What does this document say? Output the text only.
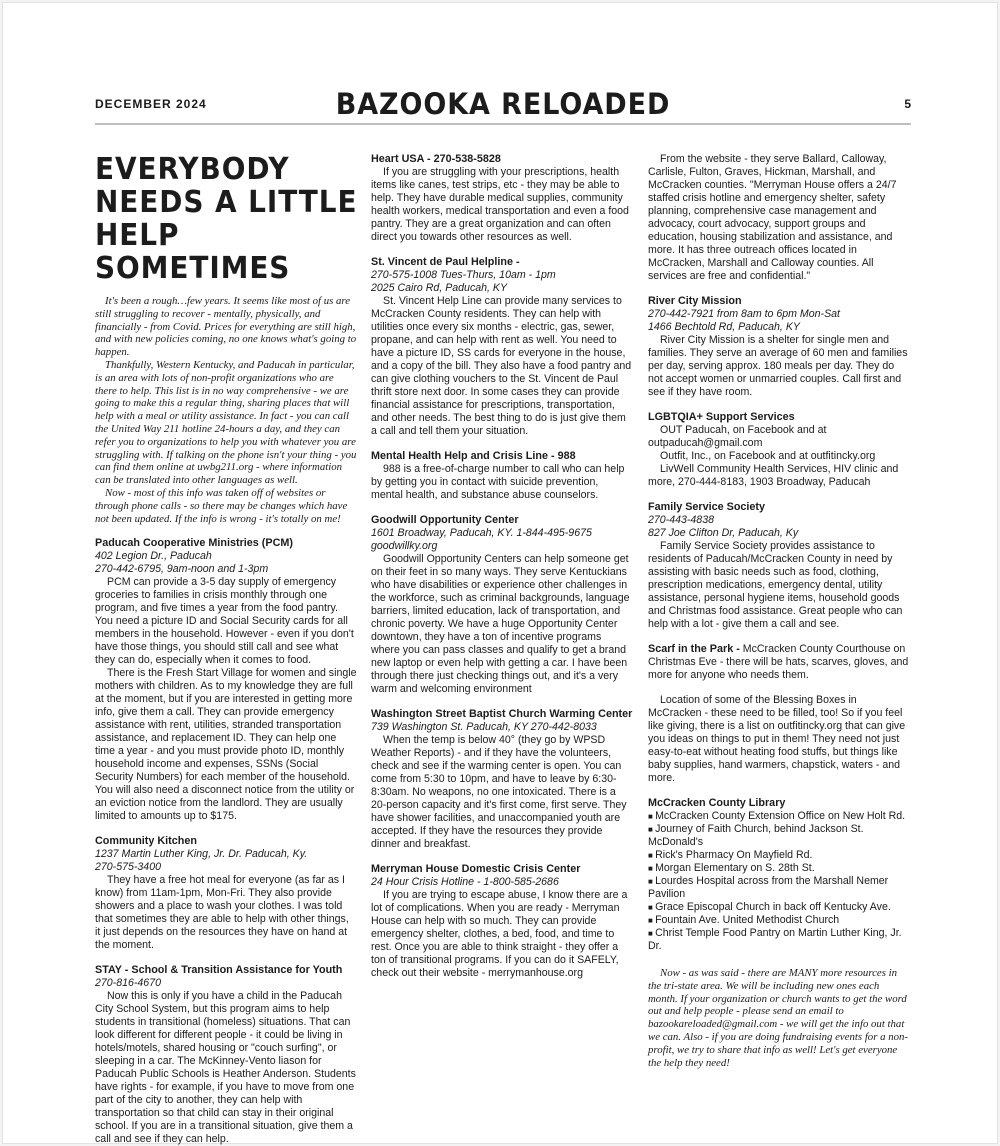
DECEMBER 2024	BAZOOKA RELOADED	5
EVERYBODY NEEDS A LITTLE HELP SOMETIMES

It's been a rough…few years. It seems like most of us are still struggling to recover - mentally, physically, and financially - from Covid. Prices for everything are still high, and with new policies coming, no one knows what's going to happen.

Thankfully, Western Kentucky, and Paducah in particular, is an area with lots of non-profit organizations who are there to help. This list is in no way comprehensive - we are going to make this a regular thing, sharing places that will help with a meal or utility assistance. In fact - you can call the United Way 211 hotline 24-hours a day, and they can refer you to organizations to help you with whatever you are struggling with. If talking on the phone isn't your thing - you can find them online at uwbg211.org - where information can be translated into other languages as well.

Now - most of this info was taken off of websites or through phone calls - so there may be changes which have not been updated. If the info is wrong - it's totally on me!

Paducah Cooperative Ministries (PCM)

402 Legion Dr., Paducah

270-442-6795, 9am-noon and 1-3pm

PCM can provide a 3-5 day supply of emergency groceries to families in crisis monthly through one program, and five times a year from the food pantry. You need a picture ID and Social Security cards for all members in the household. However - even if you don't have those things, you should still call and see what they can do, especially when it comes to food.

There is the Fresh Start Village for women and single mothers with children. As to my knowledge they are full at the moment, but if you are interested in getting more info, give them a call. They can provide emergency assistance with rent, utilities, stranded transportation assistance, and replacement ID. They can help one time a year - and you must provide photo ID, monthly household income and expenses, SSNs (Social Security Numbers) for each member of the household. You will also need a disconnect notice from the utility or an eviction notice from the landlord. They are usually limited to amounts up to $175.

Community Kitchen

1237 Martin Luther King, Jr. Dr. Paducah, Ky.

270-575-3400

They have a free hot meal for everyone (as far as I know) from 11am-1pm, Mon-Fri. They also provide showers and a place to wash your clothes. I was told that sometimes they are able to help with other things, it just depends on the resources they have on hand at the moment.

STAY - School & Transition Assistance for Youth

270-816-4670

Now this is only if you have a child in the Paducah City School System, but this program aims to help students in transitional (homeless) situations. That can look different for different people - it could be living in hotels/motels, shared housing or "couch surfing", or sleeping in a car. The McKinney-Vento liason for Paducah Public Schools is Heather Anderson. Students have rights - for example, if you have to move from one part of the city to another, they can help with transportation so that child can stay in their original school. If you are in a transitional situation, give them a call and see if they can help.

Heart USA - 270-538-5828

If you are struggling with your prescriptions, health items like canes, test strips, etc - they may be able to help. They have durable medical supplies, community health workers, medical transportation and even a food pantry. They are a great organization and can often direct you towards other resources as well.

St. Vincent de Paul Helpline -

270-575-1008 Tues-Thurs, 10am - 1pm

2025 Cairo Rd, Paducah, KY

St. Vincent Help Line can provide many services to McCracken County residents. They can help with utilities once every six months - electric, gas, sewer, propane, and can help with rent as well. You need to have a picture ID, SS cards for everyone in the house, and a copy of the bill. They also have a food pantry and can give clothing vouchers to the St. Vincent de Paul thrift store next door. In some cases they can provide financial assistance for prescriptions, transportation, and other needs. The best thing to do is just give them a call and tell them your situation.

Mental Health Help and Crisis Line - 988

988 is a free-of-charge number to call who can help by getting you in contact with suicide prevention, mental health, and substance abuse counselors.

Goodwill Opportunity Center

1601 Broadway, Paducah, KY. 1-844-495-9675

goodwillky.org

Goodwill Opportunity Centers can help someone get on their feet in so many ways. They serve Kentuckians who have disabilities or experience other challenges in the workforce, such as criminal backgrounds, language barriers, limited education, lack of transportation, and chronic poverty. We have a huge Opportunity Center downtown, they have a ton of incentive programs where you can pass classes and qualify to get a brand new laptop or even help with getting a car. I have been through there just checking things out, and it's a very warm and welcoming environment

Washington Street Baptist Church Warming Center

739 Washington St. Paducah, KY 270-442-8033

When the temp is below 40° (they go by WPSD Weather Reports) - and if they have the volunteers, check and see if the warming center is open. You can come from 5:30 to 10pm, and have to leave by 6:30-8:30am. No weapons, no one intoxicated. There is a 20-person capacity and it's first come, first serve. They have shower facilities, and unaccompanied youth are accepted. If they have the resources they provide dinner and breakfast.

Merryman House Domestic Crisis Center

24 Hour Crisis Hotline - 1-800-585-2686

If you are trying to escape abuse, I know there are a lot of complications. When you are ready - Merryman House can help with so much. They can provide emergency shelter, clothes, a bed, food, and time to rest. Once you are able to think straight - they offer a ton of transitional programs. If you can do it SAFELY, check out their website - merrymanhouse.org

From the website - they serve Ballard, Calloway, Carlisle, Fulton, Graves, Hickman, Marshall, and McCracken counties. "Merryman House offers a 24/7 staffed crisis hotline and emergency shelter, safety planning, comprehensive case management and advocacy, court advocacy, support groups and education, housing stabilization and assistance, and more. It has three outreach offices located in McCracken, Marshall and Calloway counties. All services are free and confidential."

River City Mission

270-442-7921 from 8am to 6pm Mon-Sat

1466 Bechtold Rd, Paducah, KY

River City Mission is a shelter for single men and families. They serve an average of 60 men and families per day, serving approx. 180 meals per day. They do not accept women or unmarried couples. Call first and see if they have room.

LGBTQIA+ Support Services

OUT Paducah, on Facebook and at outpaducah@gmail.com

Outfit, Inc., on Facebook and at outfitincky.org

LivWell Community Health Services, HIV clinic and more, 270-444-8183, 1903 Broadway, Paducah

Family Service Society

270-443-4838

827 Joe Clifton Dr, Paducah, Ky

Family Service Society provides assistance to residents of Paducah/McCracken County in need by assisting with basic needs such as food, clothing, prescription medications, emergency dental, utility assistance, personal hygiene items, household goods and Christmas food assistance. Great people who can help with a lot - give them a call and see.

Scarf in the Park - McCracken County Courthouse on Christmas Eve - there will be hats, scarves, gloves, and more for anyone who needs them.

Location of some of the Blessing Boxes in McCracken - these need to be filled, too! So if you feel like giving, there is a list on outfitincky.org that can give you ideas on things to put in them! They need not just easy-to-eat without heating food stuffs, but things like baby supplies, hand warmers, chapstick, waters - and more.

McCracken County Library

■ McCracken County Extension Office on New Holt Rd.
■ Journey of Faith Church, behind Jackson St. McDonald's
■ Rick's Pharmacy On Mayfield Rd.
■ Morgan Elementary on S. 28th St.
■ Lourdes Hospital across from the Marshall Nemer Pavilion
■ Grace Episcopal Church in back off Kentucky Ave.
■ Fountain Ave. United Methodist Church
■ Christ Temple Food Pantry on Martin Luther King, Jr. Dr.

Now - as was said - there are MANY more resources in the tri-state area. We will be including new ones each month. If your organization or church wants to get the word out and help people - please send an email to bazookareloaded@gmail.com - we will get the info out that we can. Also - if you are doing fundraising events for a non-profit, we try to share that info as well! Let's get everyone the help they need!
